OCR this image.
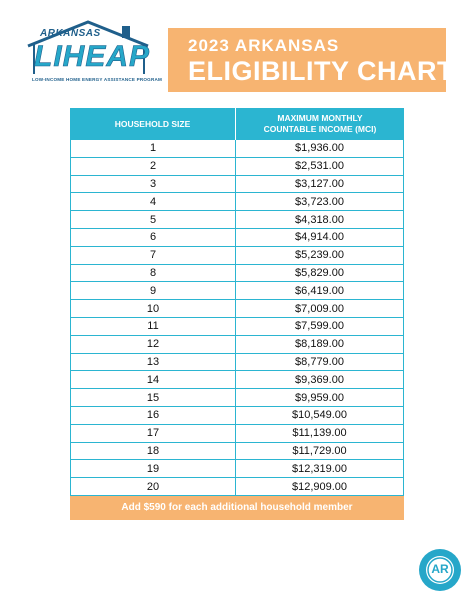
ARKANSAS
LIHEAP
LOW-INCOME HOME ENERGY ASSISTANCE PROGRAM
2023 ARKANSAS
ELIGIBILITY CHART
HOUSEHOLD SIZE
MAXIMUM MONTHLY
COUNTABLE INCOME (MCI)
1	$1,936.00
2	$2,531.00
3	$3,127.00
4	$3,723.00
5	$4,318.00
6	$4,914.00
7	$5,239.00
8	$5,829.00
9	$6,419.00
10	$7,009.00
11	$7,599.00
12	$8,189.00
13	$8,779.00
14	$9,369.00
15	$9,959.00
16	$10,549.00
17	$11,139.00
18	$11,729.00
19	$12,319.00
20	$12,909.00
Add $590 for each additional household member
AR
